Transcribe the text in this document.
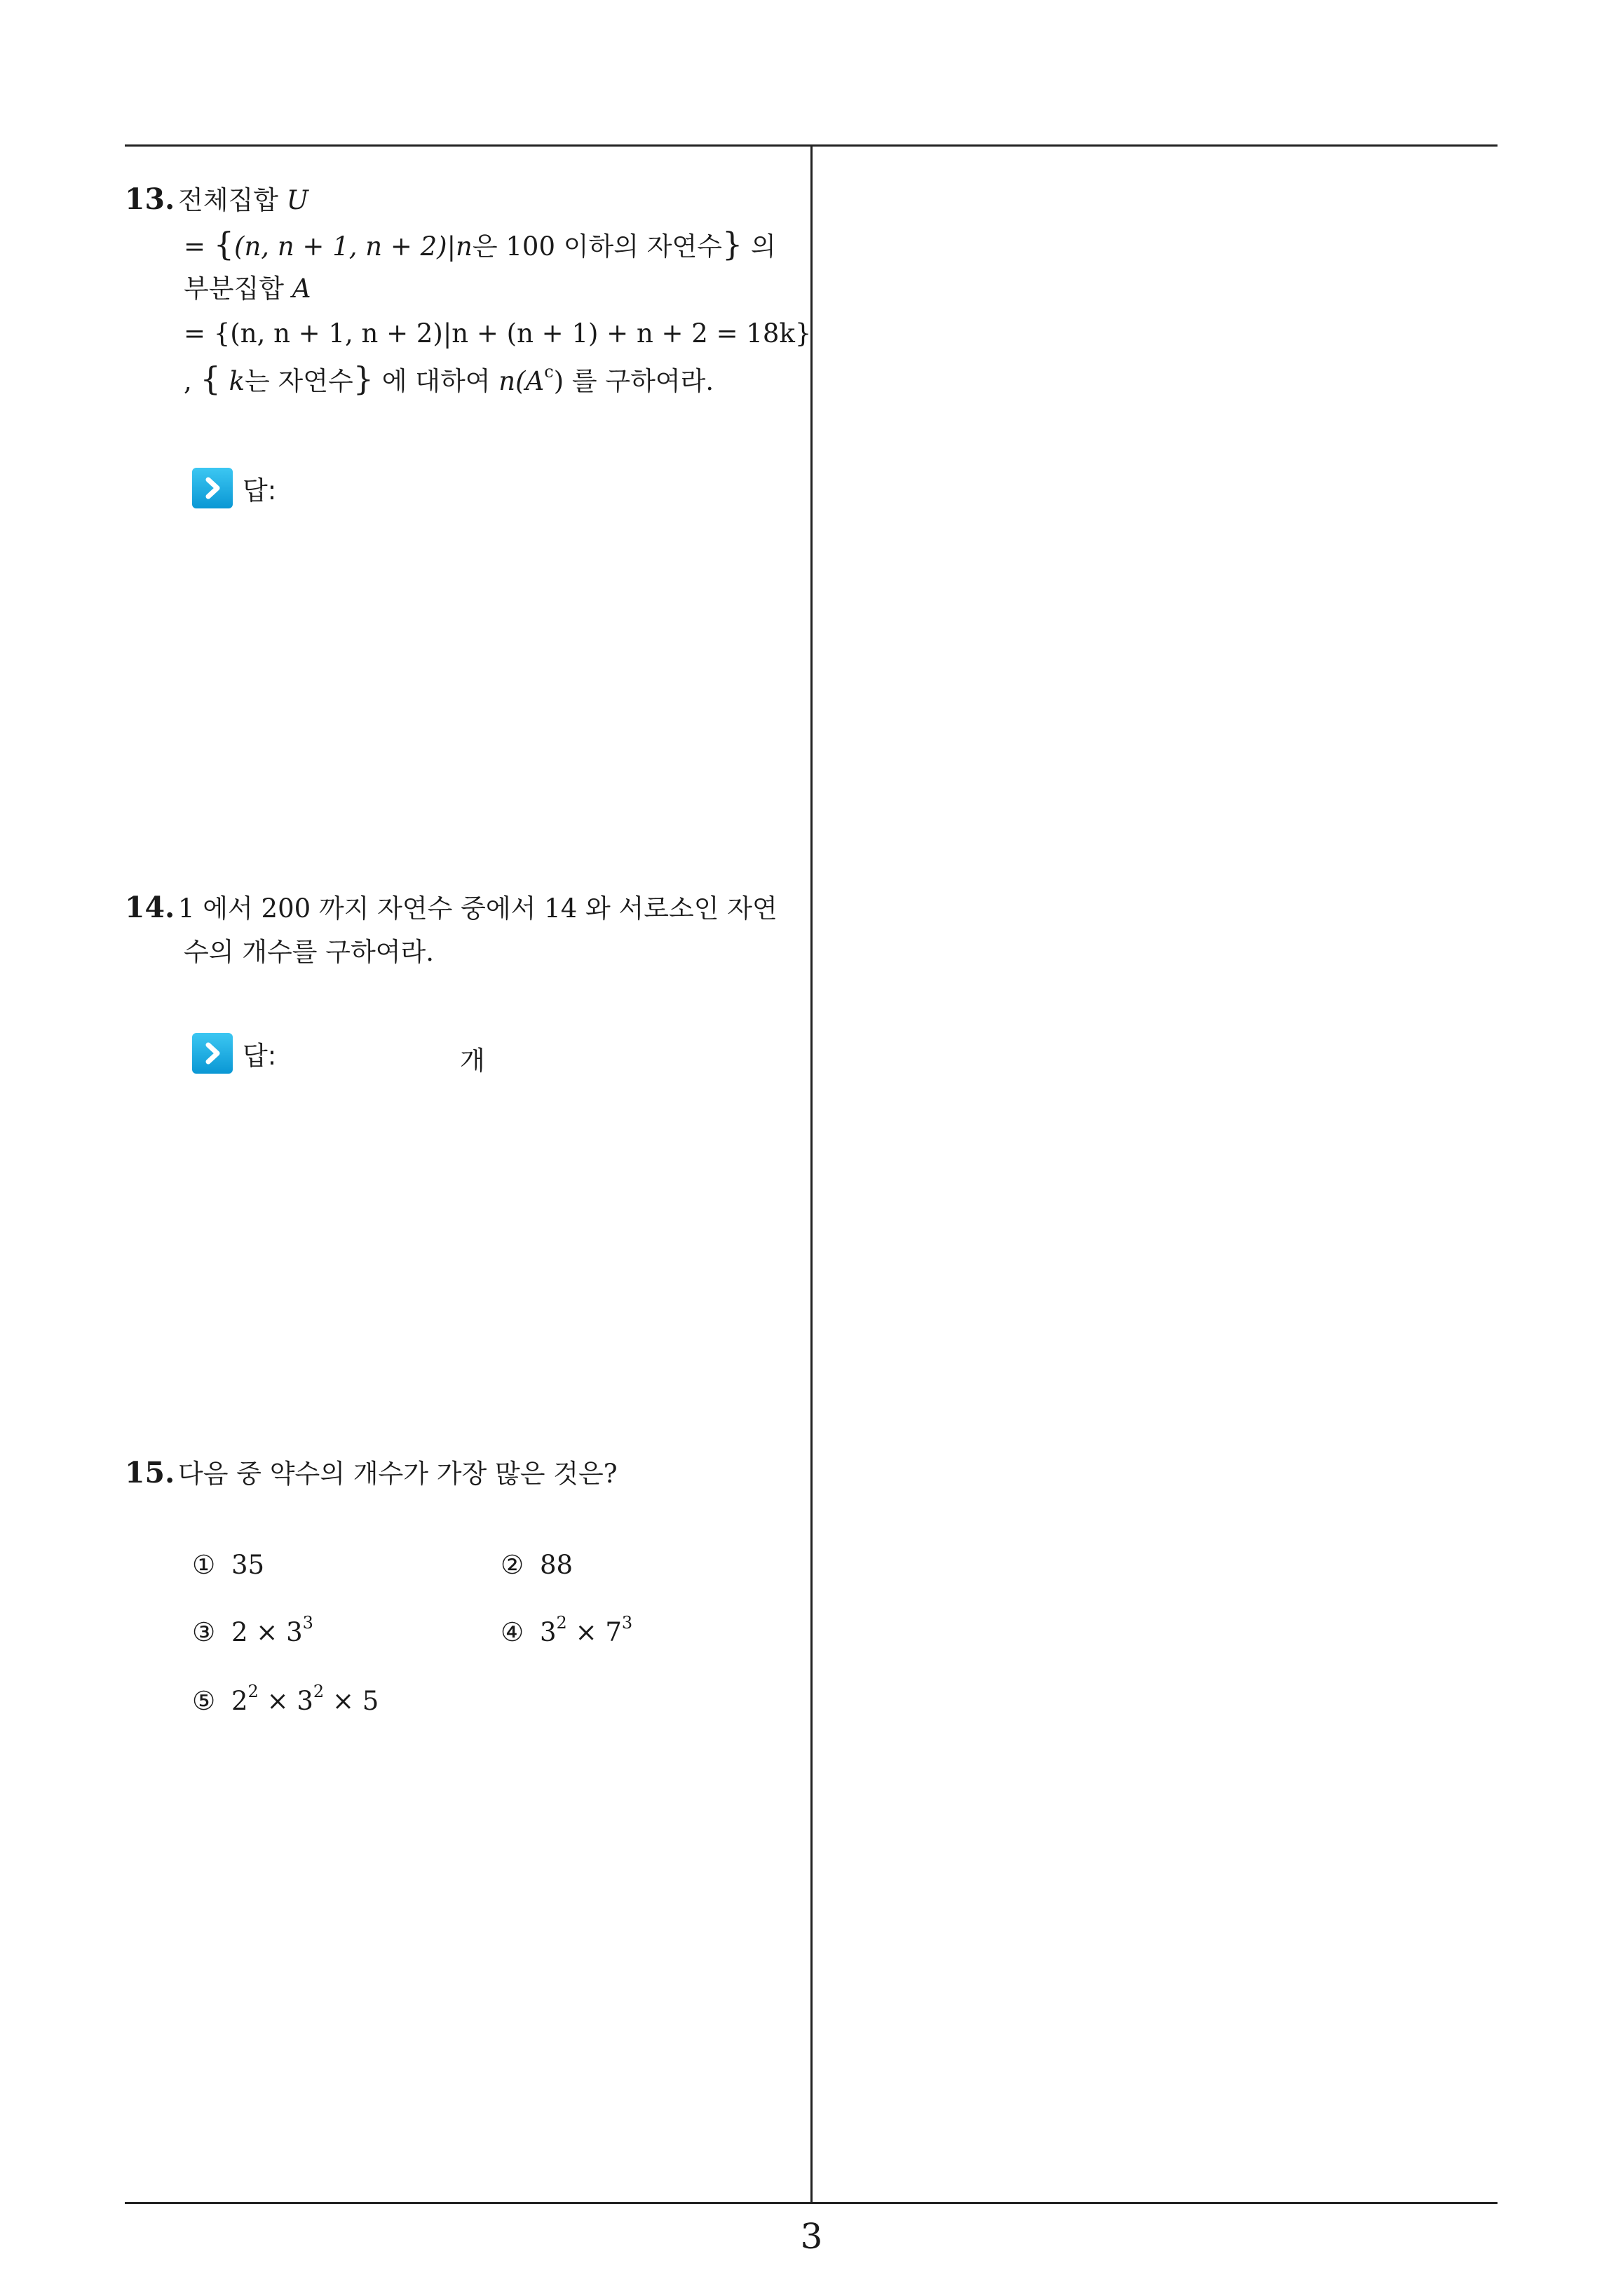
13. 전체집합 U
= {(n, n + 1, n + 2)|n은 100 이하의 자연수} 의
부분집합 A
= {(n, n + 1, n + 2)|n + (n + 1) + n + 2 = 18k}
, { k는 자연수} 에 대하여 $n(A^c)$ 를 구하여라.
답:
14. 1 에서 200 까지 자연수 중에서 14 와 서로소인 자연
수의 개수를 구하여라.
답:	개
15. 다음 중 약수의 개수가 가장 많은 것은?
① 35	② 88
③ $2 \times 3^3$	④ $3^2 \times 7^3$
⑤ $2^2 \times 3^2 \times 5$
3
